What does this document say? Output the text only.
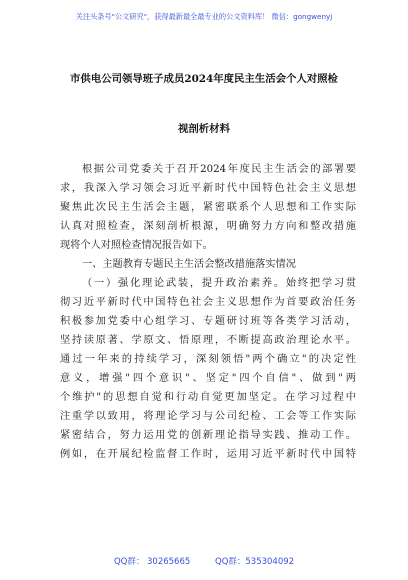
关注头条号"公文研究"，获得最新最全最专业的公文资料库！ 微信：gongwenyj
市供电公司领导班子成员2024年度民主生活会个人对照检
视剖析材料
根据公司党委关于召开2024年度民主生活会的部署要
求，我深入学习领会习近平新时代中国特色社会主义思想
聚焦此次民主生活会主题，紧密联系个人思想和工作实际
认真对照检查，深刻剖析根源，明确努力方向和整改措施
现将个人对照检查情况报告如下。
一、主题教育专题民主生活会整改措施落实情况
（一）强化理论武装，提升政治素养。始终把学习贯
彻习近平新时代中国特色社会主义思想作为首要政治任务
积极参加党委中心组学习、专题研讨班等各类学习活动，
坚持读原著、学原文、悟原理，不断提高政治理论水平。
通过一年来的持续学习，深刻领悟"两个确立"的决定性
意义，增强"四个意识"、坚定"四个自信"、做到"两
个维护"的思想自觉和行动自觉更加坚定。在学习过程中
注重学以致用，将理论学习与公司纪检、工会等工作实际
紧密结合，努力运用党的创新理论指导实践、推动工作。
例如，在开展纪检监督工作时，运用习近平新时代中国特
QQ群： 30265665	QQ群：535304092
